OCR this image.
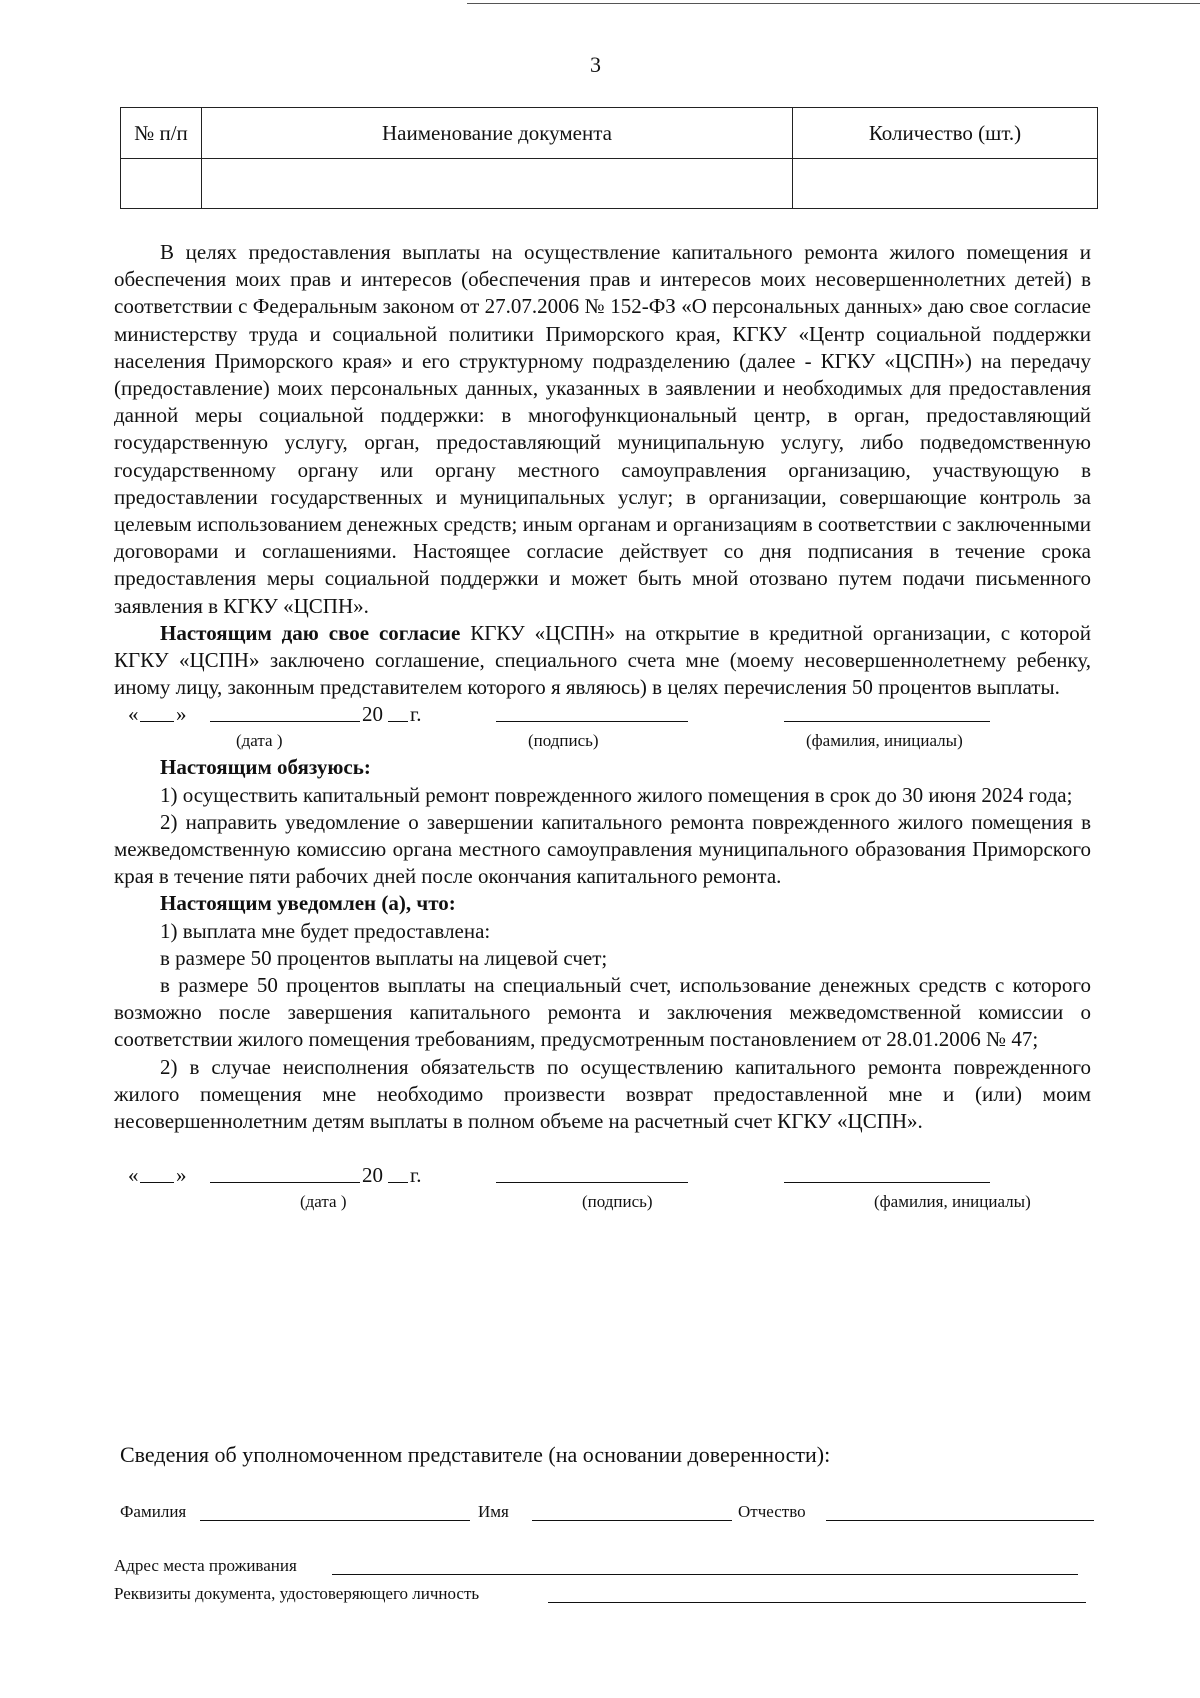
3
№ п/п	Наименование документа	Количество (шт.)

В целях предоставления выплаты на осуществление капитального ремонта жилого помещения и обеспечения моих прав и интересов (обеспечения прав и интересов моих несовершеннолетних детей) в соответствии с Федеральным законом от 27.07.2006 № 152-ФЗ «О персональных данных» даю свое согласие министерству труда и социальной политики Приморского края, КГКУ «Центр социальной поддержки населения Приморского края» и его структурному подразделению (далее - КГКУ «ЦСПН») на передачу (предоставление) моих персональных данных, указанных в заявлении и необходимых для предоставления данной меры социальной поддержки: в многофункциональный центр, в орган, предоставляющий государственную услугу, орган, предоставляющий муниципальную услугу, либо подведомственную государственному органу или органу местного самоуправления организацию, участвующую в предоставлении государственных и муниципальных услуг; в организации, совершающие контроль за целевым использованием денежных средств; иным органам и организациям в соответствии с заключенными договорами и соглашениями. Настоящее согласие действует со дня подписания в течение срока предоставления меры социальной поддержки и может быть мной отозвано путем подачи письменного заявления в КГКУ «ЦСПН».

Настоящим даю свое согласие КГКУ «ЦСПН» на открытие в кредитной организации, с которой КГКУ «ЦСПН» заключено соглашение, специального счета мне (моему несовершеннолетнему ребенку, иному лицу, законным представителем которого я являюсь) в целях перечисления 50 процентов выплаты.

« »	20 г.
(дата )	(подпись)	(фамилия, инициалы)

Настоящим обязуюсь:

1) осуществить капитальный ремонт поврежденного жилого помещения в срок до 30 июня 2024 года;

2) направить уведомление о завершении капитального ремонта поврежденного жилого помещения в межведомственную комиссию органа местного самоуправления муниципального образования Приморского края в течение пяти рабочих дней после окончания капитального ремонта.

Настоящим уведомлен (а), что:

1) выплата мне будет предоставлена:

в размере 50 процентов выплаты на лицевой счет;

в размере 50 процентов выплаты на специальный счет, использование денежных средств с которого возможно после завершения капитального ремонта и заключения межведомственной комиссии о соответствии жилого помещения требованиям, предусмотренным постановлением от 28.01.2006 № 47;

2) в случае неисполнения обязательств по осуществлению капитального ремонта поврежденного жилого помещения мне необходимо произвести возврат предоставленной мне и (или) моим несовершеннолетним детям выплаты в полном объеме на расчетный счет КГКУ «ЦСПН».

« »	20 г.
(дата )	(подпись)	(фамилия, инициалы)
Сведения об уполномоченном представителе (на основании доверенности):
Фамилия	Имя	Отчество
Адрес места проживания
Реквизиты документа, удостоверяющего личность
